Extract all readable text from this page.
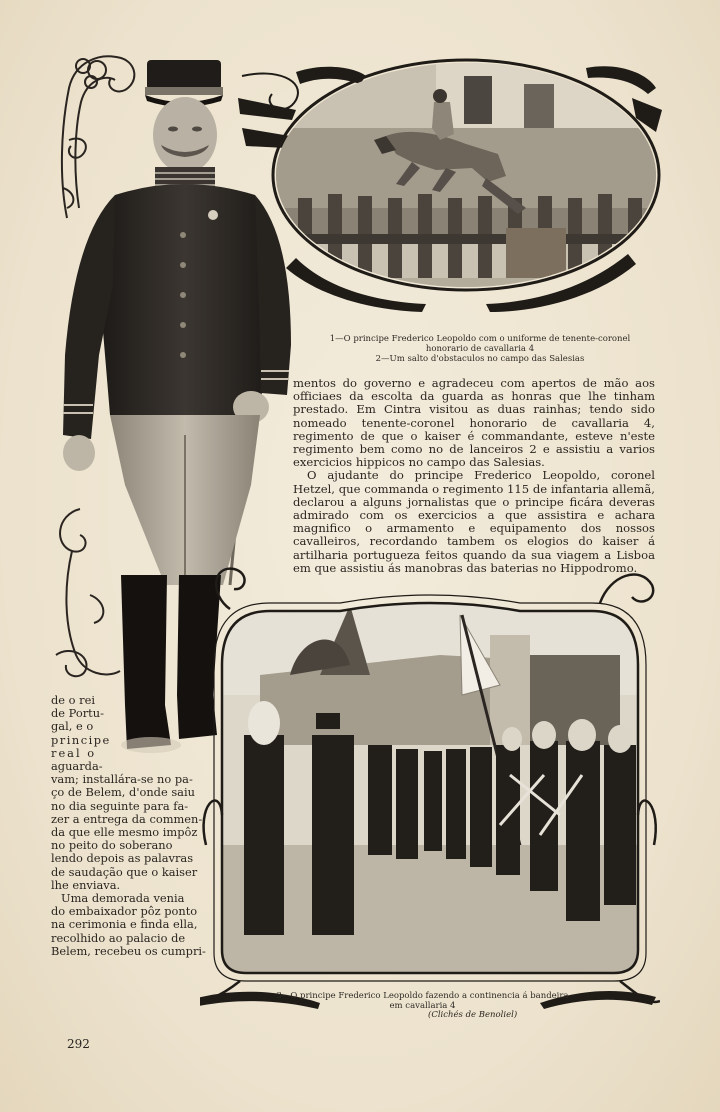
1—O principe Frederico Leopoldo com o uniforme de tenente-coronel
honorario de cavallaria 4
2—Um salto d'obstaculos no campo das Salesias

mentos do governo e agradeceu com apertos de mão aos officiaes da escolta da guarda as honras que lhe tinham prestado. Em Cintra visitou as duas rainhas; tendo sido nomeado tenente-coronel honorario de cavallaria 4, regimento de que o kaiser é commandante, esteve n'este regimento bem como no de lanceiros 2 e assistiu a varios exercicios hippicos no campo das Salesias.

O ajudante do principe Frederico Leopoldo, coronel Hetzel, que commanda o regimento 115 de infantaria allemã, declarou a alguns jornalistas que o principe ficára deveras admirado com os exercicios a que assistira e achara magnifico o armamento e equipamento dos nossos cavalleiros, recordando tambem os elogios do kaiser á artilharia portugueza feitos quando da sua viagem a Lisboa em que assistiu ás manobras das baterias no Hippodromo.

de o rei
de Portu-
gal, e o
principe
real o
aguarda-
vam; installára-se no pa-
ço de Belem, d'onde saiu
no dia seguinte para fa-
zer a entrega da commen-
da que elle mesmo impôz
no peito do soberano
lendo depois as palavras
de saudação que o kaiser
lhe enviava.
Uma demorada venia
do embaixador pôz ponto
na cerimonia e finda ella,
recolhido ao palacio de
Belem, recebeu os cumpri-
3—O principe Frederico Leopoldo fazendo a continencia á bandeira
em cavallaria 4
(Clichés de Benoliel)
292
